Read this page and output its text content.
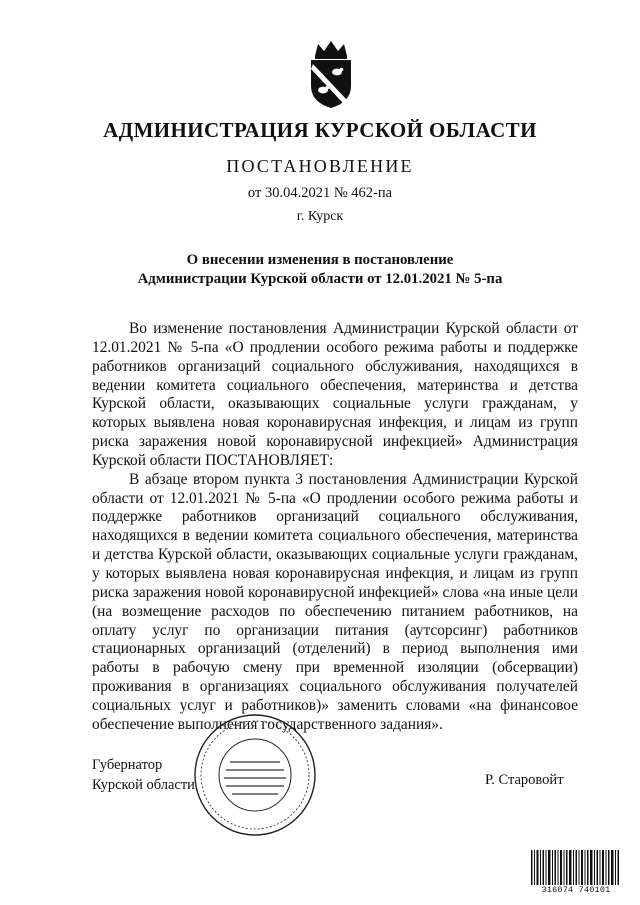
АДМИНИСТРАЦИЯ КУРСКОЙ ОБЛАСТИ
ПОСТАНОВЛЕНИЕ
от 30.04.2021 № 462-па
г. Курск
О внесении изменения в постановление
Администрации Курской области от 12.01.2021 № 5-па

Во изменение постановления Администрации Курской области от 12.01.2021 № 5-па «О продлении особого режима работы и поддержке работников организаций социального обслуживания, находящихся в ведении комитета социального обеспечения, материнства и детства Курской области, оказывающих социальные услуги гражданам, у которых выявлена новая коронавирусная инфекция, и лицам из групп риска заражения новой коронавирусной инфекцией» Администрация Курской области ПОСТАНОВЛЯЕТ:

В абзаце втором пункта 3 постановления Администрации Курской области от 12.01.2021 № 5-па «О продлении особого режима работы и поддержке работников организаций социального обслуживания, находящихся в ведении комитета социального обеспечения, материнства и детства Курской области, оказывающих социальные услуги гражданам, у которых выявлена новая коронавирусная инфекция, и лицам из групп риска заражения новой коронавирусной инфекцией» слова «на иные цели (на возмещение расходов по обеспечению питанием работников, на оплату услуг по организации питания (аутсорсинг) работников стационарных организаций (отделений) в период выполнения ими работы в рабочую смену при временной изоляции (обсервации) проживания в организациях социального обслуживания получателей социальных услуг и работников)» заменить словами «на финансовое обеспечение выполнения государственного задания».

Губернатор
Курской области	Р. Старовойт
316074 740101
